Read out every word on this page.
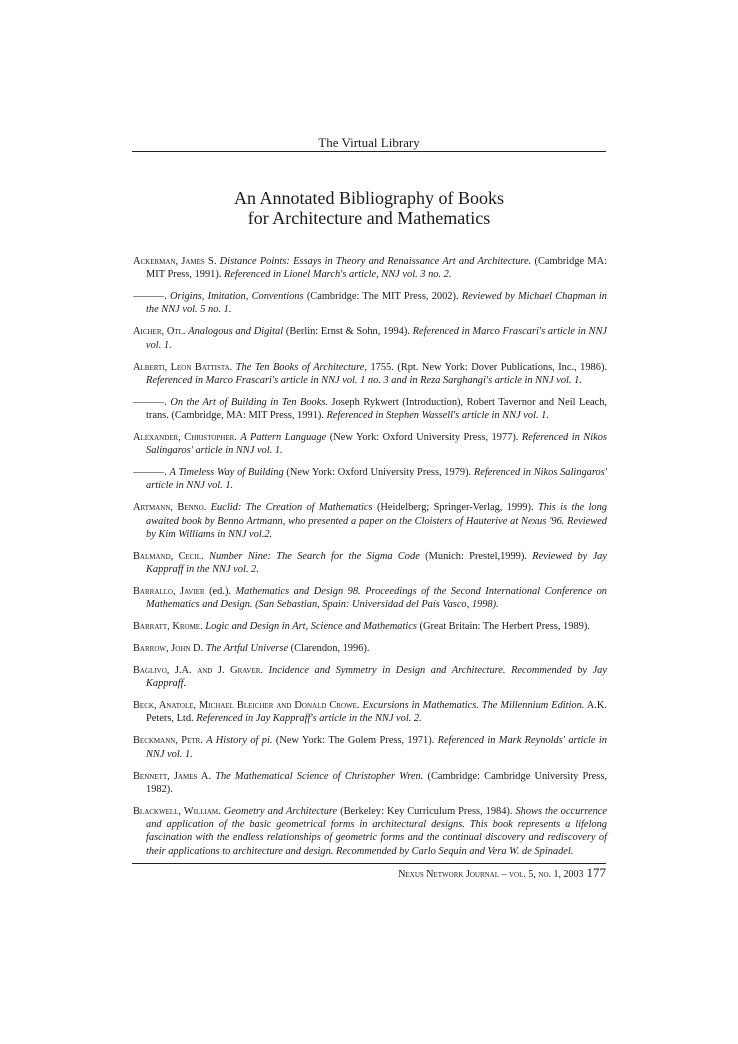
The Virtual Library
An Annotated Bibliography of Books
for Architecture and Mathematics

Ackerman, James S. Distance Points: Essays in Theory and Renaissance Art and Architecture. (Cambridge MA: MIT Press, 1991). Referenced in Lionel March's article, NNJ vol. 3 no. 2.

———. Origins, Imitation, Conventions (Cambridge: The MIT Press, 2002). Reviewed by Michael Chapman in the NNJ vol. 5 no. 1.

Aicher, Otl. Analogous and Digital (Berlin: Ernst & Sohn, 1994). Referenced in Marco Frascari's article in NNJ vol. 1.

Alberti, Leon Battista. The Ten Books of Architecture, 1755. (Rpt. New York: Dover Publications, Inc., 1986). Referenced in Marco Frascari's article in NNJ vol. 1 no. 3 and in Reza Sarghangi's article in NNJ vol. 1.

———. On the Art of Building in Ten Books. Joseph Rykwert (Introduction), Robert Tavernor and Neil Leach, trans. (Cambridge, MA: MIT Press, 1991). Referenced in Stephen Wassell's article in NNJ vol. 1.

Alexander, Christopher. A Pattern Language (New York: Oxford University Press, 1977). Referenced in Nikos Salingaros' article in NNJ vol. 1.

———. A Timeless Way of Building (New York: Oxford University Press, 1979). Referenced in Nikos Salingaros' article in NNJ vol. 1.

Artmann, Benno. Euclid: The Creation of Mathematics (Heidelberg; Springer-Verlag, 1999). This is the long awaited book by Benno Artmann, who presented a paper on the Cloisters of Hauterive at Nexus '96. Reviewed by Kim Williams in NNJ vol.2.

Balmand, Cecil. Number Nine: The Search for the Sigma Code (Munich: Prestel,1999). Reviewed by Jay Kappraff in the NNJ vol. 2.

Barrallo, Javier (ed.). Mathematics and Design 98. Proceedings of the Second International Conference on Mathematics and Design. (San Sebastian, Spain: Universidad del País Vasco, 1998).

Barratt, Krome. Logic and Design in Art, Science and Mathematics (Great Britain: The Herbert Press, 1989).

Barrow, John D. The Artful Universe (Clarendon, 1996).

Baglivo, J.A. and J. Graver. Incidence and Symmetry in Design and Architecture. Recommended by Jay Kappraff.

Beck, Anatole, Michael Bleicher and Donald Crowe. Excursions in Mathematics. The Millennium Edition. A.K. Peters, Ltd. Referenced in Jay Kappraff's article in the NNJ vol. 2.

Beckmann, Petr. A History of pi. (New York: The Golem Press, 1971). Referenced in Mark Reynolds' article in NNJ vol. 1.

Bennett, James A. The Mathematical Science of Christopher Wren. (Cambridge: Cambridge University Press, 1982).

Blackwell, William. Geometry and Architecture (Berkeley: Key Curriculum Press, 1984). Shows the occurrence and application of the basic geometrical forms in architectural designs. This book represents a lifelong fascination with the endless relationships of geometric forms and the continual discovery and rediscovery of their applications to architecture and design. Recommended by Carlo Sequin and Vera W. de Spinadel.

Nexus Network Journal – vol. 5, no. 1, 2003 177
